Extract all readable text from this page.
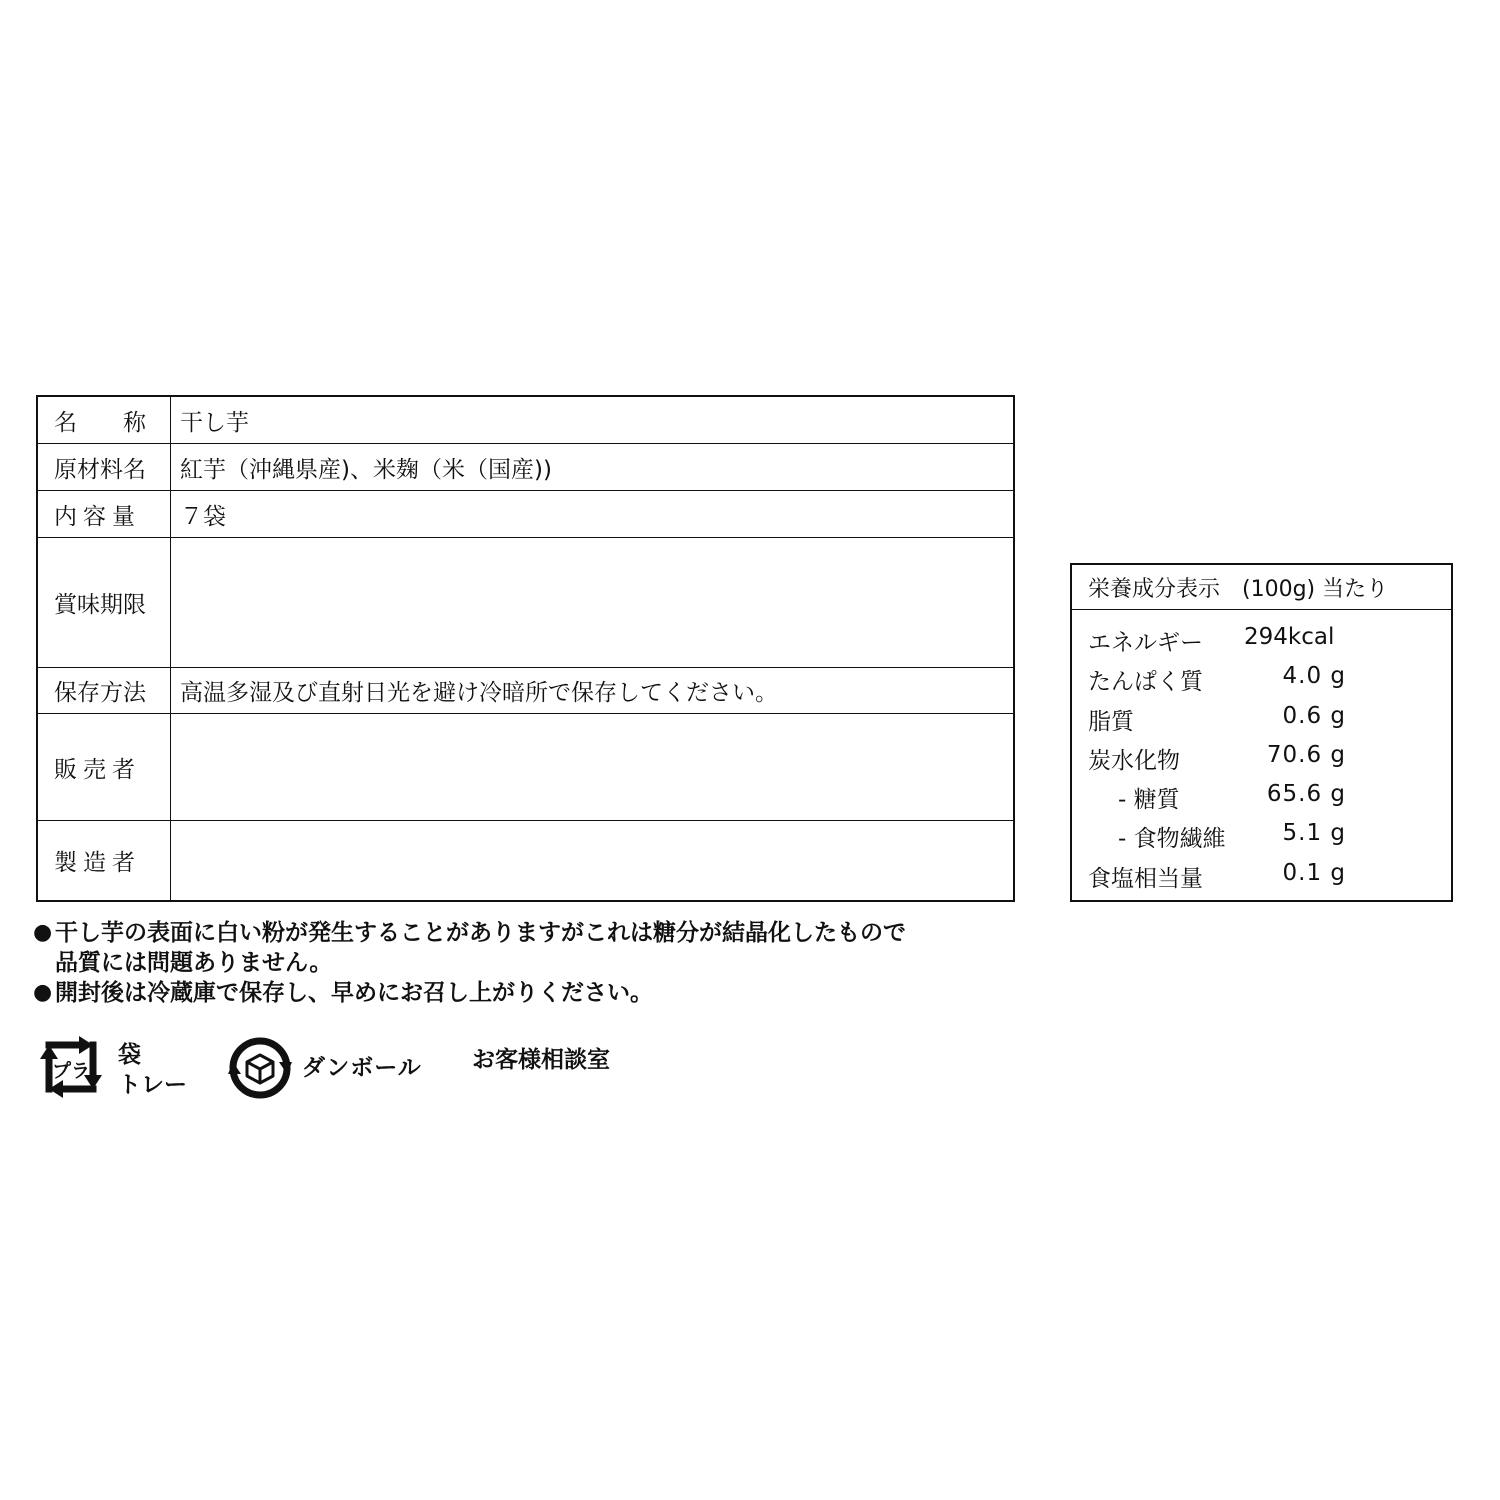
名　　称	干し芋
原材料名	紅芋（沖縄県産)、米麹（米（国産))
内容量	７袋
賞味期限
保存方法	高温多湿及び直射日光を避け冷暗所で保存してください。
販売者
製造者
栄養成分表示　(100g) 当たり
エネルギー 294kcal
たんぱく質	4.0 g
脂質	0.6 g
炭水化物	70.6 g
- 糖質	65.6 g
- 食物繊維 5.1 g
食塩相当量	0.1 g
● 干し芋の表面に白い粉が発生することがありますがこれは糖分が結晶化したもので
品質には問題ありません。
● 開封後は冷蔵庫で保存し、早めにお召し上がりください。
プラ
袋
トレー
ダンボール お客様相談室
